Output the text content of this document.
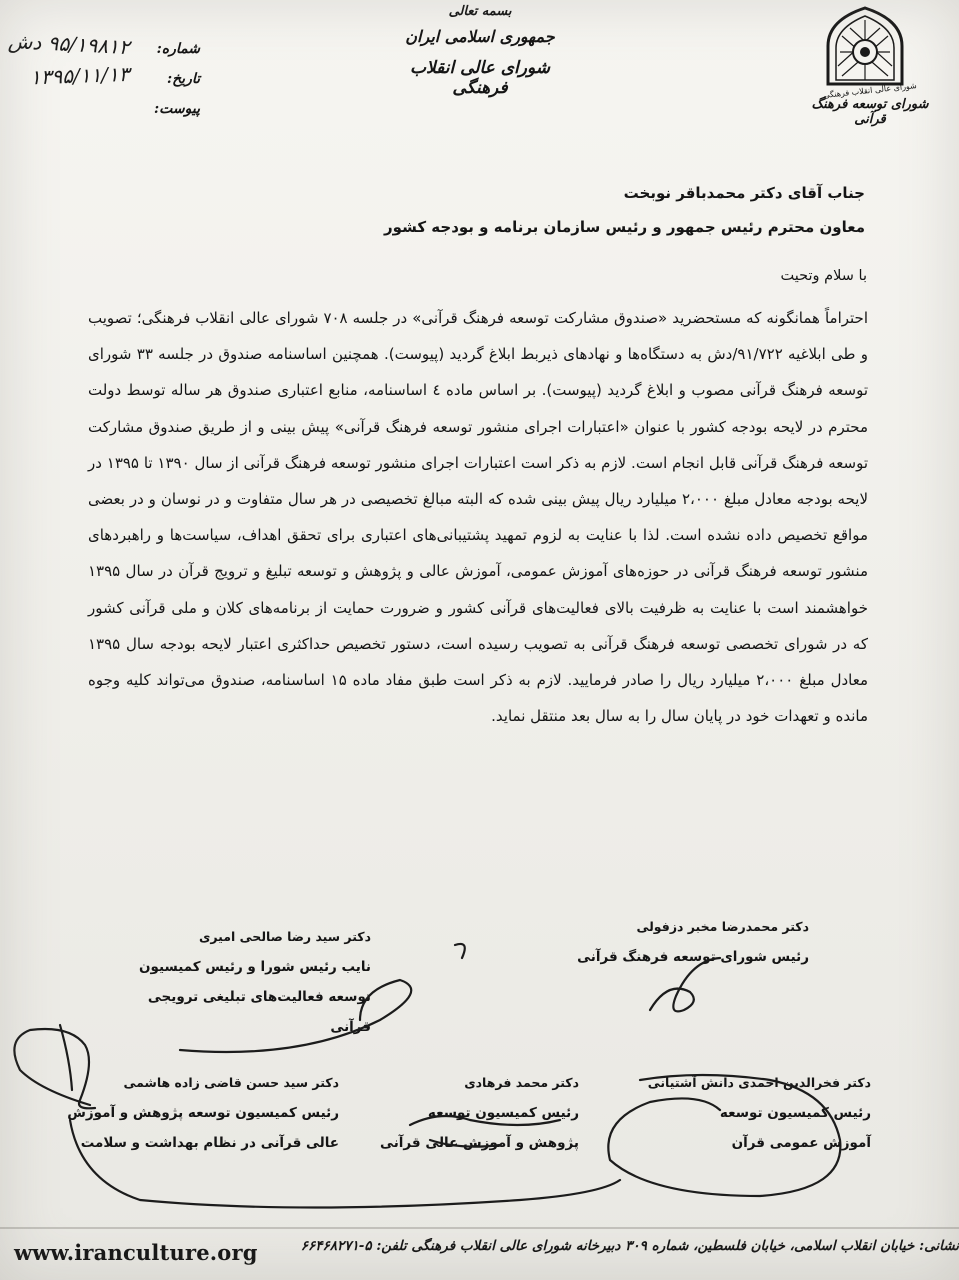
شورای عالی انقلاب فرهنگی
شورای توسعه فرهنگ قرآنی
بسمه تعالی
جمهوری اسلامی ایران
شورای عالی انقلاب فرهنگی
شماره:
تاریخ:
پیوست:
۹۵/۱۹۸۱۲ دش
۱۳۹۵/۱۱/۱۳
جناب آقای دکتر محمدباقر نوبخت
معاون محترم رئیس جمهور و رئیس سازمان برنامه و بودجه کشور
با سلام وتحیت
احتراماً همانگونه که مستحضرید «صندوق مشارکت توسعه فرهنگ قرآنی» در جلسه ۷۰۸ شورای عالی انقلاب فرهنگی؛ تصویب و طی ابلاغیه ۹۱/۷۲۲/دش به دستگاه‌ها و نهادهای ذیربط ابلاغ گردید (پیوست). همچنین اساسنامه صندوق در جلسه ۳۳ شورای توسعه فرهنگ قرآنی مصوب و ابلاغ گردید (پیوست). بر اساس ماده ٤ اساسنامه، منابع اعتباری صندوق هر ساله توسط دولت محترم در لایحه بودجه کشور با عنوان «اعتبارات اجرای منشور توسعه فرهنگ قرآنی» پیش بینی و از طریق صندوق مشارکت توسعه فرهنگ قرآنی قابل انجام است. لازم به ذکر است اعتبارات اجرای منشور توسعه فرهنگ قرآنی از سال ۱۳۹۰ تا ۱۳۹۵ در لایحه بودجه معادل مبلغ ۲،۰۰۰ میلیارد ریال پیش بینی شده که البته مبالغ تخصیصی در هر سال متفاوت و در نوسان و در بعضی مواقع تخصیص داده نشده است. لذا با عنایت به لزوم تمهید پشتیبانی‌های اعتباری برای تحقق اهداف، سیاست‌ها و راهبردهای منشور توسعه فرهنگ قرآنی در حوزه‌های آموزش عمومی، آموزش عالی و پژوهش و توسعه تبلیغ و ترویج قرآن در سال ۱۳۹۵ خواهشمند است با عنایت به ظرفیت بالای فعالیت‌های قرآنی کشور و ضرورت حمایت از برنامه‌های کلان و ملی قرآنی کشور که در شورای تخصصی توسعه فرهنگ قرآنی به تصویب رسیده است، دستور تخصیص حداکثری اعتبار لایحه بودجه سال ۱۳۹۵ معادل مبلغ ۲،۰۰۰ میلیارد ریال را صادر فرمایید. لازم به ذکر است طبق مفاد ماده ۱۵ اساسنامه، صندوق می‌تواند کلیه وجوه مانده و تعهدات خود در پایان سال را به سال بعد منتقل نماید.
دکتر محمدرضا مخبر دزفولی
رئیس شورای توسعه فرهنگ قرآنی
دکتر سید رضا صالحی امیری
نایب رئیس شورا و رئیس کمیسیون
توسعه فعالیت‌های تبلیغی ترویجی قرآنی
دکتر فخرالدین احمدی دانش آشتیانی
رئیس کمیسیون توسعه
آموزش عمومی قرآن
دکتر محمد فرهادی
رئیس کمیسیون توسعه
پژوهش و آموزش عالی قرآنی
دکتر سید حسن قاضی زاده هاشمی
رئیس کمیسیون توسعه پژوهش و آموزش
عالی قرآنی در نظام بهداشت و سلامت
www.iranculture.org	نشانی: خیابان انقلاب اسلامی، خیابان فلسطین، شماره ۳۰۹ دبیرخانه شورای عالی انقلاب فرهنگی تلفن: ۵-۶۶۴۶۸۲۷۱
